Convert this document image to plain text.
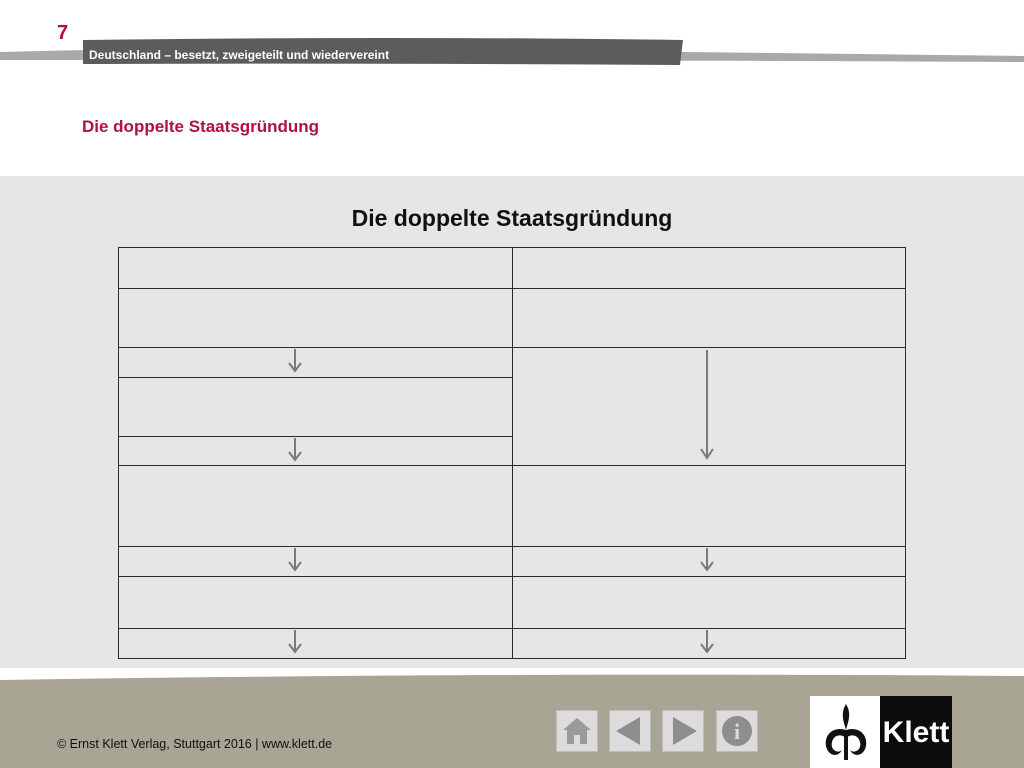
7
Deutschland – besetzt, zweigeteilt und wiedervereint
Die doppelte Staatsgründung
Die doppelte Staatsgründung
© Ernst Klett Verlag, Stuttgart 2016 | www.klett.de	i	Klett
